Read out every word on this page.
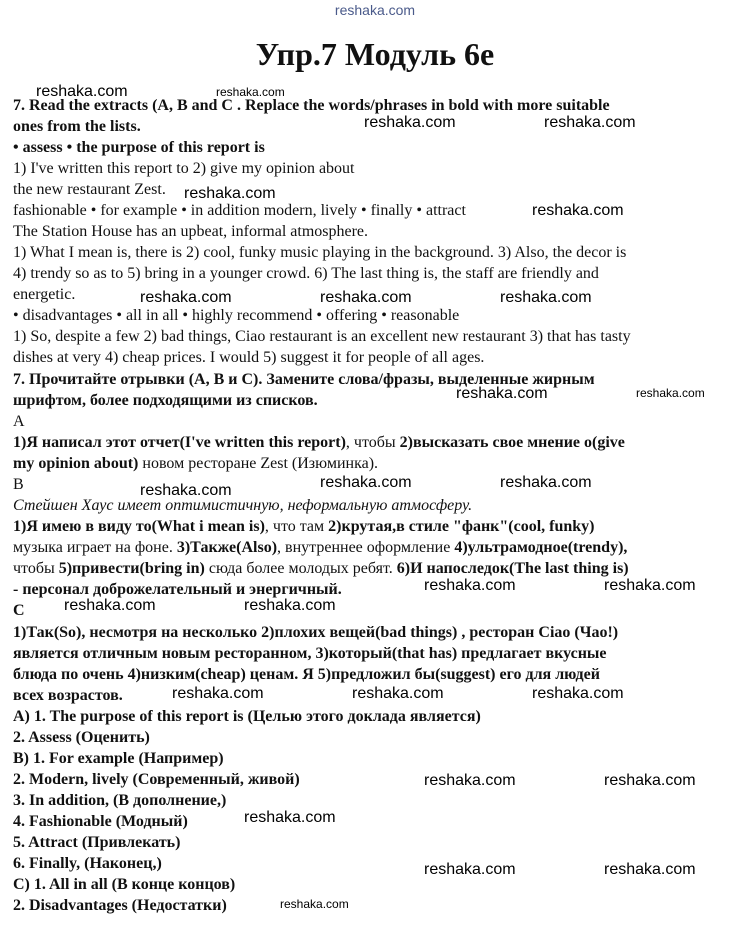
reshaka.com
Упр.7 Модуль 6е
7. Read the extracts (A, B and C . Replace the words/phrases in bold with more suitable
ones from the lists.
• assess • the purpose of this report is
1) I've written this report to 2) give my opinion about
the new restaurant Zest.
fashionable • for example • in addition modern, lively • finally • attract
The Station House has an upbeat, informal atmosphere.
1) What I mean is, there is 2) cool, funky music playing in the background. 3) Also, the decor is
4) trendy so as to 5) bring in a younger crowd. 6) The last thing is, the staff are friendly and
energetic.
• disadvantages • all in all • highly recommend • offering • reasonable
1) So, despite a few 2) bad things, Ciao restaurant is an excellent new restaurant 3) that has tasty
dishes at very 4) cheap prices. I would 5) suggest it for people of all ages.
7. Прочитайте отрывки (A, B и C). Замените слова/фразы, выделенные жирным
шрифтом, более подходящими из списков.
A
1)Я написал этот отчет(I've written this report), чтобы 2)высказать свое мнение о(give
my opinion about) новом ресторане Zest (Изюминка).
B
Стейшен Хаус имеет оптимистичную, неформальную атмосферу.
1)Я имею в виду то(What i mean is), что там 2)крутая,в стиле "фанк"(cool, funky)
музыка играет на фоне. 3)Также(Also), внутреннее оформление 4)ультрамодное(trendy),
чтобы 5)привести(bring in) сюда более молодых ребят. 6)И напоследок(The last thing is)
- персонал доброжелательный и энергичный.
C
1)Так(So), несмотря на несколько 2)плохих вещей(bad things) , ресторан Ciao (Чао!)
является отличным новым ресторанном, 3)который(that has) предлагает вкусные
блюда по очень 4)низким(cheap) ценам. Я 5)предложил бы(suggest) его для людей
всех возрастов.
A) 1. The purpose of this report is (Целью этого доклада является)
2. Assess (Оценить)
B) 1. For example (Например)
2. Modern, lively (Современный, живой)
3. In addition, (В дополнение,)
4. Fashionable (Модный)
5. Attract (Привлекать)
6. Finally, (Наконец,)
C) 1. All in all (В конце концов)
2. Disadvantages (Недостатки)
reshaka.com	reshaka.com
reshaka.com	reshaka.com
reshaka.com
reshaka.com
reshaka.com	reshaka.com	reshaka.com
reshaka.com	reshaka.com
reshaka.com	reshaka.com	reshaka.com
reshaka.com	reshaka.com
reshaka.com	reshaka.com
reshaka.com	reshaka.com	reshaka.com
reshaka.com	reshaka.com
reshaka.com
reshaka.com	reshaka.com
reshaka.com
